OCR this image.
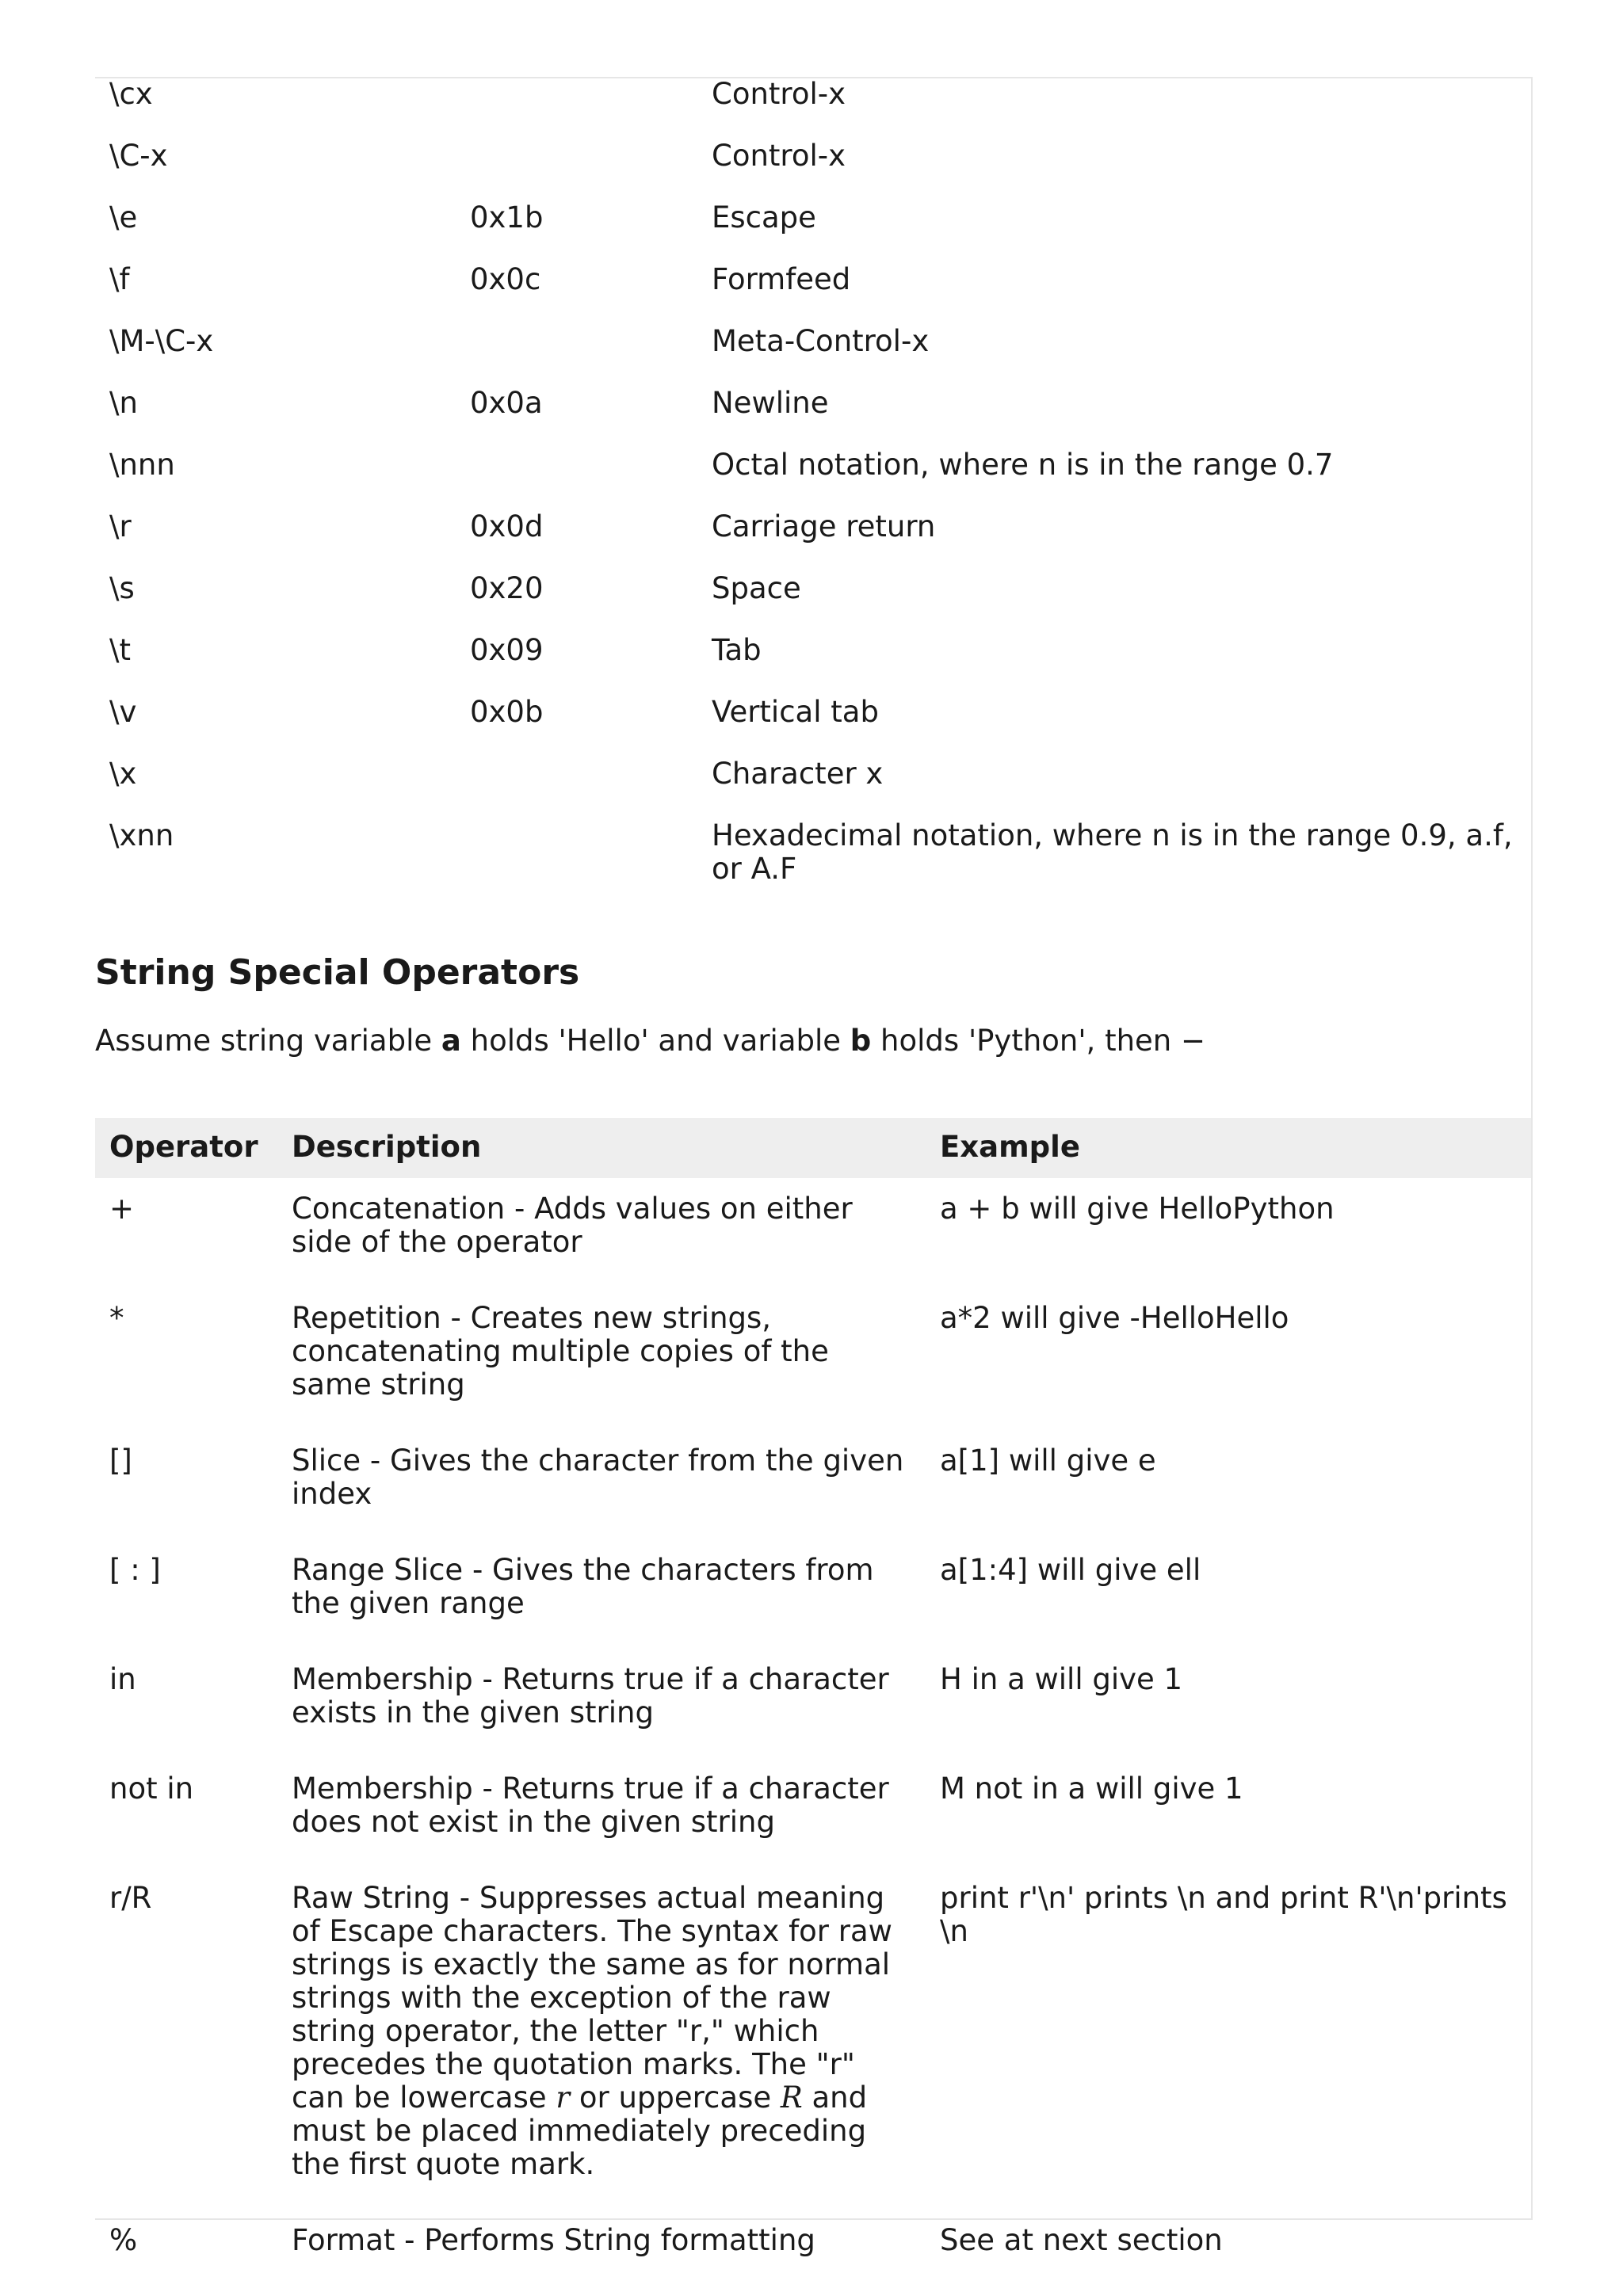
\cx		Control-x
\C-x		Control-x
\e	0x1b	Escape
\f	0x0c	Formfeed
\M-\C-x		Meta-Control-x
\n	0x0a	Newline
\nnn		Octal notation, where n is in the range 0.7
\r	0x0d	Carriage return
\s	0x20	Space
\t	0x09	Tab
\v	0x0b	Vertical tab
\x		Character x
\xnn		Hexadecimal notation, where n is in the range 0.9, a.f, or A.F
String Special Operators

Assume string variable a holds 'Hello' and variable b holds 'Python', then −

Operator	Description	Example
+	Concatenation - Adds values on either side of the operator	a + b will give HelloPython
*	Repetition - Creates new strings, concatenating multiple copies of the same string	a*2 will give -HelloHello
[]	Slice - Gives the character from the given index	a[1] will give e
[ : ]	Range Slice - Gives the characters from the given range	a[1:4] will give ell
in	Membership - Returns true if a character exists in the given string	H in a will give 1
not in	Membership - Returns true if a character does not exist in the given string	M not in a will give 1
r/R	Raw String - Suppresses actual meaning of Escape characters. The syntax for raw strings is exactly the same as for normal strings with the exception of the raw string operator, the letter "r," which precedes the quotation marks. The "r" can be lowercase r or uppercase R and must be placed immediately preceding the first quote mark.	print r'\n' prints \n and print R'\n'prints \n
%	Format - Performs String formatting	See at next section
